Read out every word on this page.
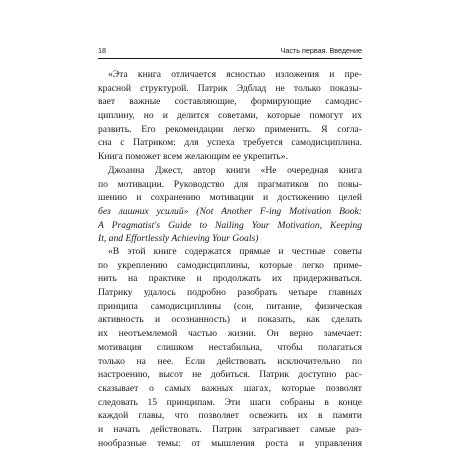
18	Часть первая. Введение
«Эта книга отличается ясностью изложения и пре-
красной структурой. Патрик Эдблад не только показы-
вает важные составляющие, формирующие самодис-
циплину, но и делится советами, которые помогут их
развить. Его рекомендации легко применить. Я согла-
сна с Патриком: для успеха требуется самодисциплина.
Книга поможет всем желающим ее укрепить».
Джоанна Джест, автор книги «Не очередная книга
по мотивации. Руководство для прагматиков по повы-
шению и сохранению мотивации и достижению целей
без лишних усилий» (Not Another F-ing Motivation Book:
A Pragmatist's Guide to Nailing Your Motivation, Keeping
It, and Effortlessly Achieving Your Goals)
«В этой книге содержатся прямые и честные советы
по укреплению самодисциплины, которые легко приме-
нить на практике и продолжать их придерживаться.
Патрику удалось подробно разобрать четыре главных
принципа самодисциплины (сон, питание, физическая
активность и осознанность) и показать, как сделать
их неотъемлемой частью жизни. Он верно замечает:
мотивация слишком нестабильна, чтобы полагаться
только на нее. Если действовать исключительно по
настроению, высот не добиться. Патрик доступно рас-
сказывает о самых важных шагах, которые позволят
следовать 15 принципам. Эти шаги собраны в конце
каждой главы, что позволяет освежить их в памяти
и начать действовать. Патрик затрагивает самые раз-
нообразные темы: от мышления роста и управления
